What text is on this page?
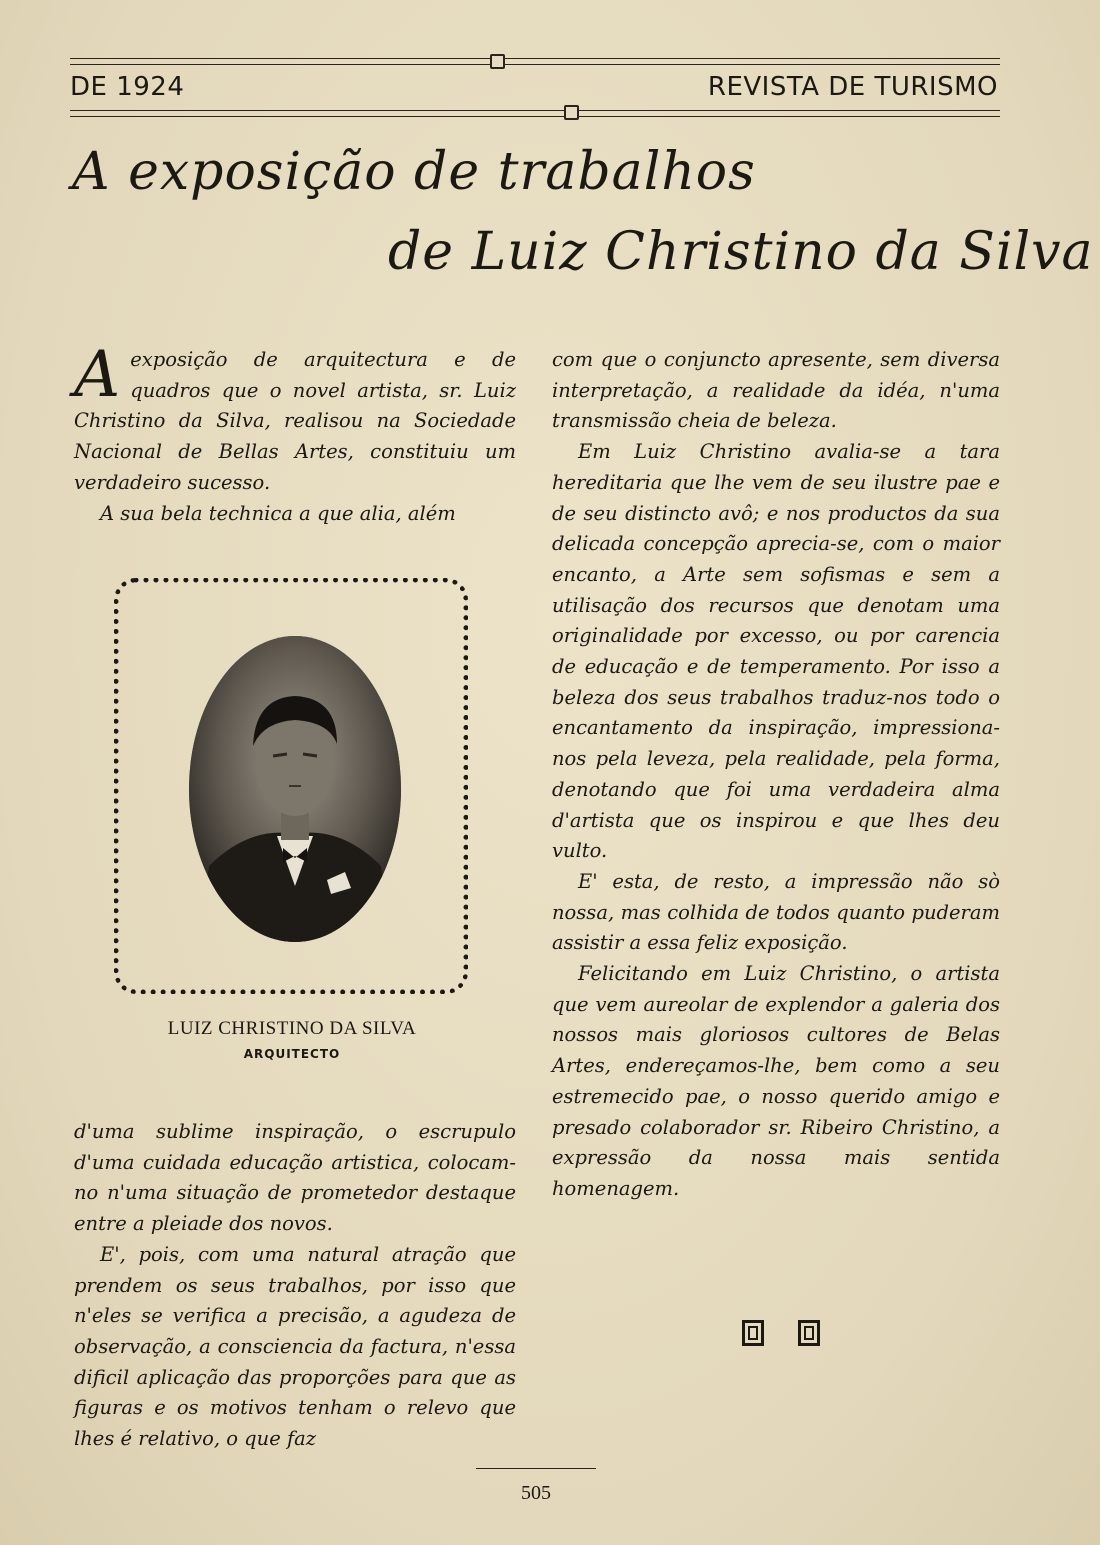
DE 1924	REVISTA DE TURISMO
A exposição de trabalhos
de Luiz Christino da Silva

Aexposição de arquitectura e de quadros que o novel artista, sr. Luiz Christino da Silva, realisou na Sociedade Nacional de Bellas Artes, constituiu um verdadeiro sucesso.

A sua bela technica a que alia, além

LUIZ CHRISTINO DA SILVA
ARQUITECTO

d'uma sublime inspiração, o escrupulo d'uma cuidada educação artistica, colocam-no n'uma situação de prometedor destaque entre a pleiade dos novos.

E', pois, com uma natural atração que prendem os seus trabalhos, por isso que n'eles se verifica a precisão, a agudeza de observação, a consciencia da factura, n'essa dificil aplicação das proporções para que as figuras e os motivos tenham o relevo que lhes é relativo, o que faz

com que o conjuncto apresente, sem diversa interpretação, a realidade da idéa, n'uma transmissão cheia de beleza.

Em Luiz Christino avalia-se a tara hereditaria que lhe vem de seu ilustre pae e de seu distincto avô; e nos productos da sua delicada concepção aprecia-se, com o maior encanto, a Arte sem sofismas e sem a utilisação dos recursos que denotam uma originalidade por excesso, ou por carencia de educação e de temperamento. Por isso a beleza dos seus trabalhos traduz-nos todo o encantamento da inspiração, impressiona-nos pela leveza, pela realidade, pela forma, denotando que foi uma verdadeira alma d'artista que os inspirou e que lhes deu vulto.

E' esta, de resto, a impressão não sò nossa, mas colhida de todos quanto puderam assistir a essa feliz exposição.

Felicitando em Luiz Christino, o artista que vem aureolar de explendor a galeria dos nossos mais gloriosos cultores de Belas Artes, endereçamos-lhe, bem como a seu estremecido pae, o nosso querido amigo e presado colaborador sr. Ribeiro Christino, a expressão da nossa mais sentida homenagem.

505
